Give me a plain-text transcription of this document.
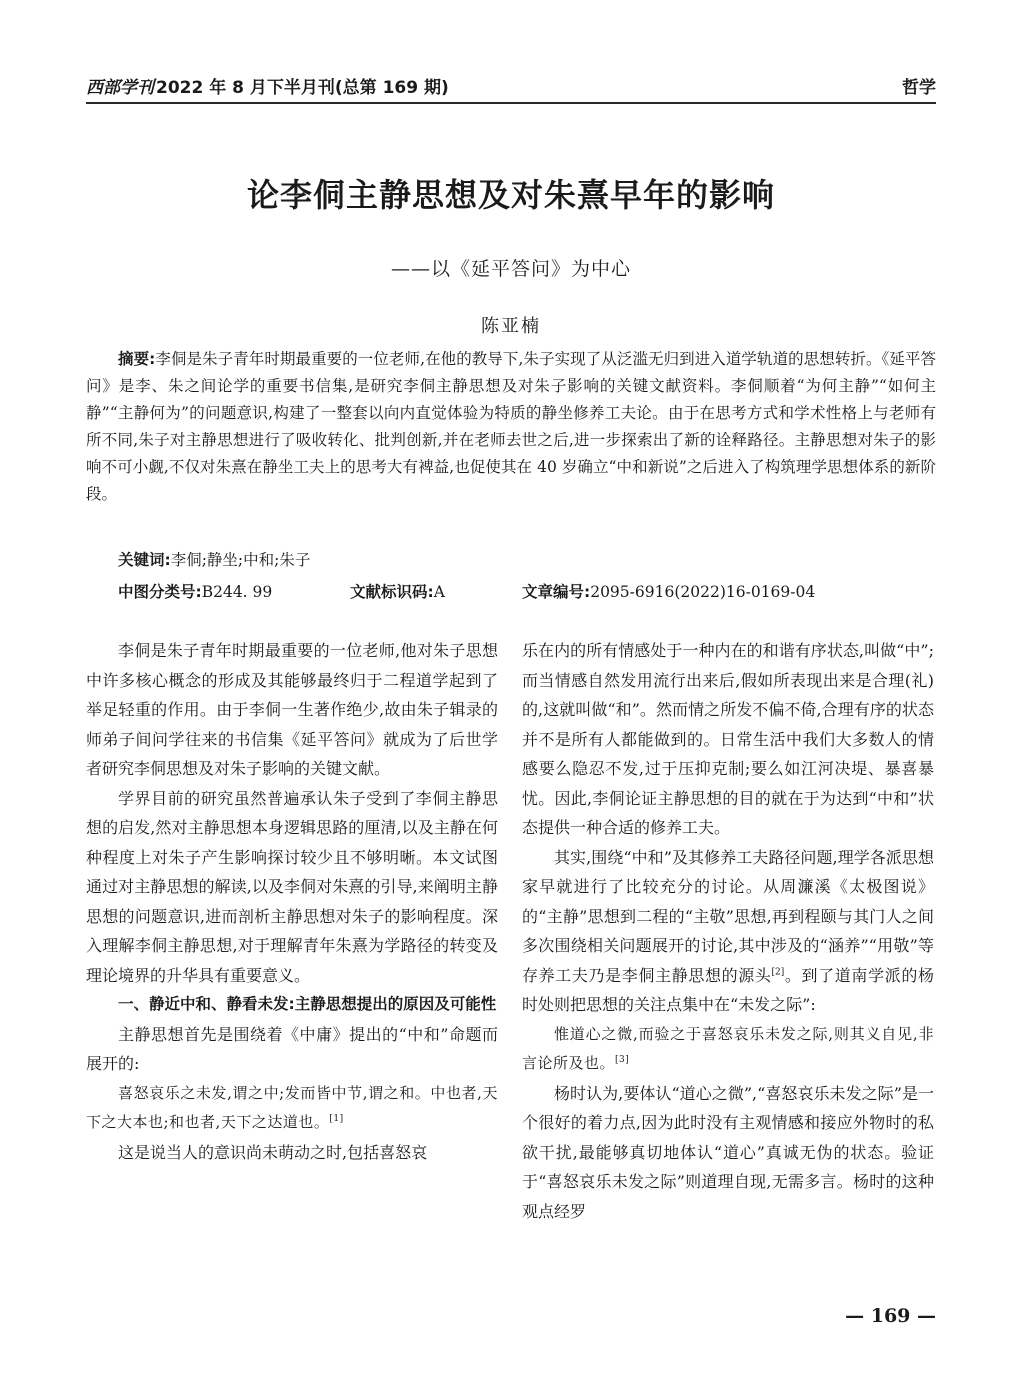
西部学刊 2022 年 8 月下半月刊(总第 169 期)	哲学
论李侗主静思想及对朱熹早年的影响
——以《延平答问》为中心
陈亚楠

摘要:李侗是朱子青年时期最重要的一位老师,在他的教导下,朱子实现了从泛滥无归到进入道学轨道的思想转折。《延平答问》是李、朱之间论学的重要书信集,是研究李侗主静思想及对朱子影响的关键文献资料。李侗顺着“为何主静”“如何主静”“主静何为”的问题意识,构建了一整套以向内直觉体验为特质的静坐修养工夫论。由于在思考方式和学术性格上与老师有所不同,朱子对主静思想进行了吸收转化、批判创新,并在老师去世之后,进一步探索出了新的诠释路径。主静思想对朱子的影响不可小觑,不仅对朱熹在静坐工夫上的思考大有裨益,也促使其在 40 岁确立“中和新说”之后进入了构筑理学思想体系的新阶段。

关键词:李侗;静坐;中和;朱子
中图分类号:B244. 99	文献标识码:A	文章编号:2095-6916(2022)16-0169-04

李侗是朱子青年时期最重要的一位老师,他对朱子思想中许多核心概念的形成及其能够最终归于二程道学起到了举足轻重的作用。由于李侗一生著作绝少,故由朱子辑录的师弟子间问学往来的书信集《延平答问》就成为了后世学者研究李侗思想及对朱子影响的关键文献。

学界目前的研究虽然普遍承认朱子受到了李侗主静思想的启发,然对主静思想本身逻辑思路的厘清,以及主静在何种程度上对朱子产生影响探讨较少且不够明晰。本文试图通过对主静思想的解读,以及李侗对朱熹的引导,来阐明主静思想的问题意识,进而剖析主静思想对朱子的影响程度。深入理解李侗主静思想,对于理解青年朱熹为学路径的转变及理论境界的升华具有重要意义。

一、静近中和、静看未发:主静思想提出的原因及可能性

主静思想首先是围绕着《中庸》提出的“中和”命题而展开的:

喜怒哀乐之未发,谓之中;发而皆中节,谓之和。中也者,天下之大本也;和也者,天下之达道也。[1]

这是说当人的意识尚未萌动之时,包括喜怒哀

乐在内的所有情感处于一种内在的和谐有序状态,叫做“中”;而当情感自然发用流行出来后,假如所表现出来是合理(礼)的,这就叫做“和”。然而情之所发不偏不倚,合理有序的状态并不是所有人都能做到的。日常生活中我们大多数人的情感要么隐忍不发,过于压抑克制;要么如江河决堤、暴喜暴忧。因此,李侗论证主静思想的目的就在于为达到“中和”状态提供一种合适的修养工夫。

其实,围绕“中和”及其修养工夫路径问题,理学各派思想家早就进行了比较充分的讨论。从周濂溪《太极图说》的“主静”思想到二程的“主敬”思想,再到程颐与其门人之间多次围绕相关问题展开的讨论,其中涉及的“涵养”“用敬”等存养工夫乃是李侗主静思想的源头[2]。到了道南学派的杨时处则把思想的关注点集中在“未发之际”:

惟道心之微,而验之于喜怒哀乐未发之际,则其义自见,非言论所及也。[3]

杨时认为,要体认“道心之微”,“喜怒哀乐未发之际”是一个很好的着力点,因为此时没有主观情感和接应外物时的私欲干扰,最能够真切地体认“道心”真诚无伪的状态。验证于“喜怒哀乐未发之际”则道理自现,无需多言。杨时的这种观点经罗

— 169 —
